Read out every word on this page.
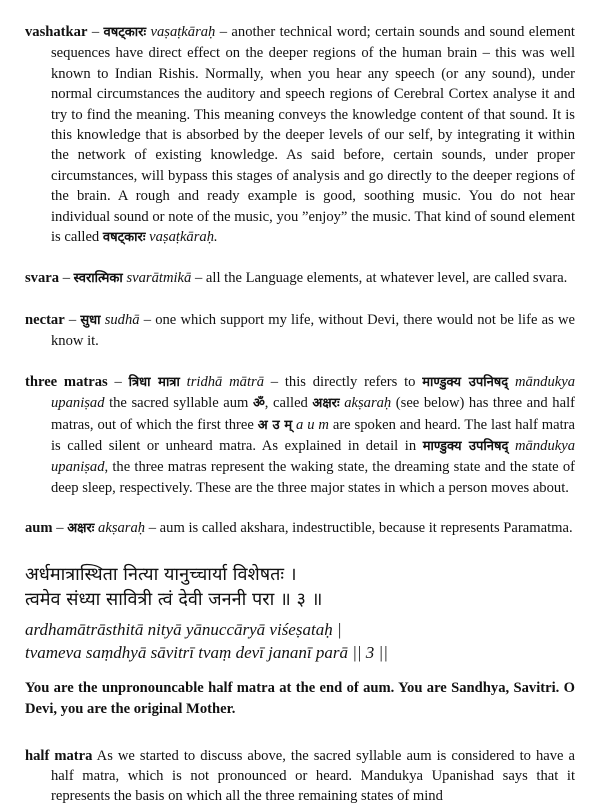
vashatkar – वषट्कारः vaṣaṭkāraḥ – another technical word; certain sounds and sound element sequences have direct effect on the deeper regions of the human brain – this was well known to Indian Rishis. Normally, when you hear any speech (or any sound), under normal circumstances the auditory and speech regions of Cerebral Cortex analyse it and try to find the meaning. This meaning conveys the knowledge content of that sound. It is this knowledge that is absorbed by the deeper levels of our self, by integrating it within the network of existing knowledge. As said before, certain sounds, under proper circumstances, will bypass this stages of analysis and go directly to the deeper regions of the brain. A rough and ready example is good, soothing music. You do not hear individual sound or note of the music, you ”enjoy” the music. That kind of sound element is called वषट्कारः vaṣaṭkāraḥ.

svara – स्वरात्मिका svarātmikā – all the Language elements, at whatever level, are called svara.

nectar – सुधा sudhā – one which support my life, without Devi, there would not be life as we know it.

three matras – त्रिधा मात्रा tridhā mātrā – this directly refers to माण्डुक्य उपनिषद् māndukya upaniṣad the sacred syllable aum ॐ, called अक्षरः akṣaraḥ (see below) has three and half matras, out of which the first three अ उ म् a u m are spoken and heard. The last half matra is called silent or unheard matra. As explained in detail in माण्डुक्य उपनिषद् māndukya upaniṣad, the three matras represent the waking state, the dreaming state and the state of deep sleep, respectively. These are the three major states in which a person moves about.

aum – अक्षरः akṣaraḥ – aum is called akshara, indestructible, because it represents Paramatma.

अर्धमात्रास्थिता नित्या यानुच्चार्या विशेषतः ।
त्वमेव संध्या सावित्री त्वं देवी जननी परा ॥ ३ ॥
ardhamātrāsthitā nityā yānuccāryā viśeṣataḥ |
tvameva saṃdhyā sāvitrī tvaṃ devī jananī parā || 3 ||
You are the unpronouncable half matra at the end of aum. You are Sandhya, Savitri. O Devi, you are the original Mother.

half matra As we started to discuss above, the sacred syllable aum is considered to have a half matra, which is not pronounced or heard. Mandukya Upanishad says that it represents the basis on which all the three remaining states of mind
